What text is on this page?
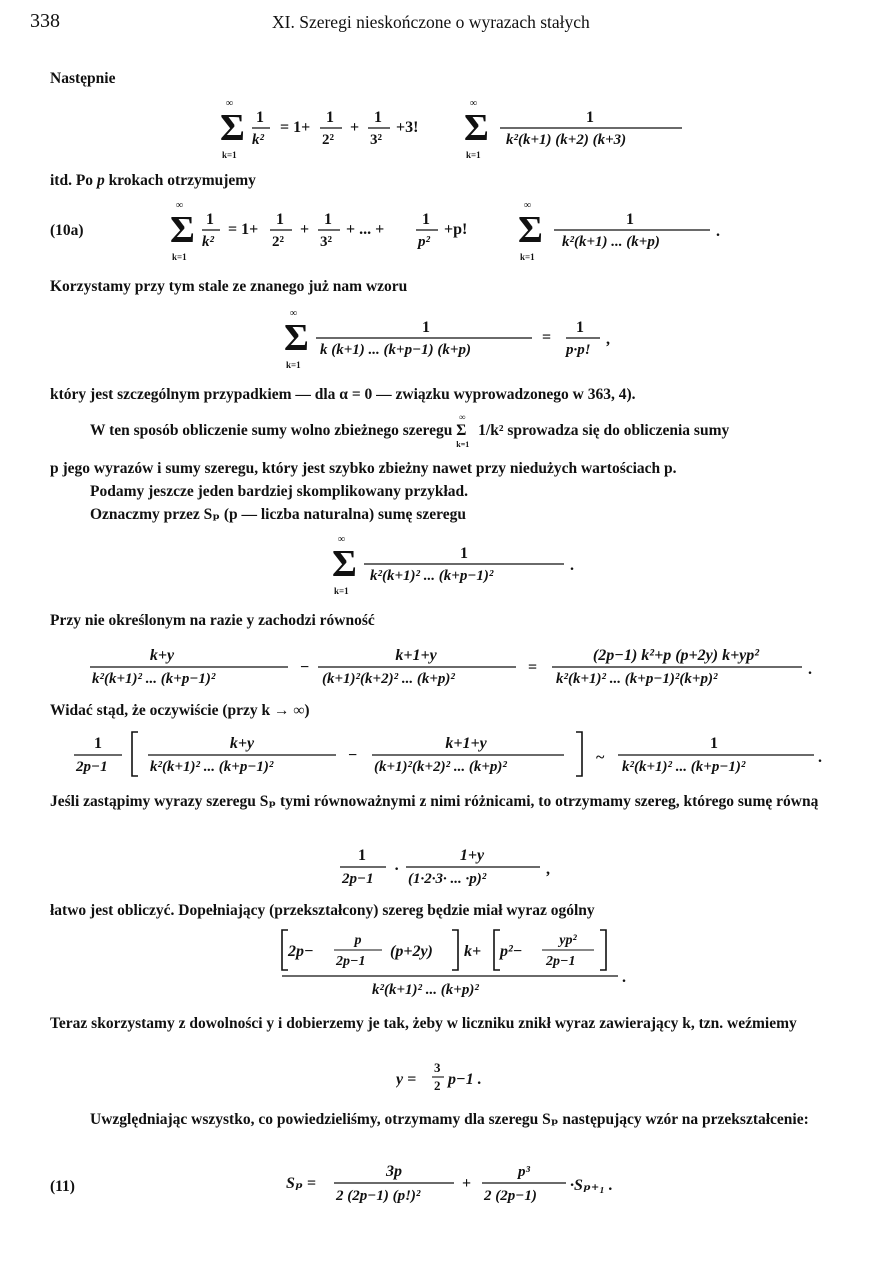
338	XI. Szeregi nieskończone o wyrazach stałych
Następnie
∞
Σ
k=1
1
k²
= 1+
1
2²
+
1
3²
+3!
∞
Σ
k=1
1
k²(k+1) (k+2) (k+3)
itd. Po p krokach otrzymujemy
(10a)
∞
Σ
k=1
1
k²
= 1+
1
2²
+
1
3²
+ ... +
1
p²
+p!
∞
Σ
k=1
1
k²(k+1) ... (k+p)
.
Korzystamy przy tym stale ze znanego już nam wzoru
∞
Σ
k=1
1
k (k+1) ... (k+p−1) (k+p)
=
1
p·p!
,
który jest szczególnym przypadkiem — dla α = 0 — związku wyprowadzonego w 363, 4).
W ten sposób obliczenie sumy wolno zbieżnego szeregu
∞
Σ
k=1
1/k² sprowadza się do obliczenia sumy
p jego wyrazów i sumy szeregu, który jest szybko zbieżny nawet przy niedużych wartościach p.
Podamy jeszcze jeden bardziej skomplikowany przykład.
Oznaczmy przez Sₚ (p — liczba naturalna) sumę szeregu
∞
Σ
k=1
1
k²(k+1)² ... (k+p−1)²
.
Przy nie określonym na razie y zachodzi równość
k+y
k²(k+1)² ... (k+p−1)²
−
k+1+y
(k+1)²(k+2)² ... (k+p)²
=
(2p−1) k²+p (p+2y) k+yp²
k²(k+1)² ... (k+p−1)²(k+p)²
.
Widać stąd, że oczywiście (przy k → ∞)
1
2p−1
k+y
k²(k+1)² ... (k+p−1)²
−
k+1+y
(k+1)²(k+2)² ... (k+p)²
~
1
k²(k+1)² ... (k+p−1)²
.
Jeśli zastąpimy wyrazy szeregu Sₚ tymi równoważnymi z nimi różnicami, to otrzymamy szereg, którego sumę równą
1
2p−1
·
1+y
(1·2·3· ... ·p)²
,
łatwo jest obliczyć. Dopełniający (przekształcony) szereg będzie miał wyraz ogólny
2p−
p
2p−1
(p+2y) k+ p²−
yp²
2p−1
k²(k+1)² ... (k+p)²
.
Teraz skorzystamy z dowolności y i dobierzemy je tak, żeby w liczniku znikł wyraz zawierający k, tzn. weźmiemy
y =
3
2 p−1 .
Uwzględniając wszystko, co powiedzieliśmy, otrzymamy dla szeregu Sₚ następujący wzór na przekształcenie:
(11)	Sₚ =
3p
2 (2p−1) (p!)²
+
p³
2 (2p−1)
·Sₚ₊₁ .
